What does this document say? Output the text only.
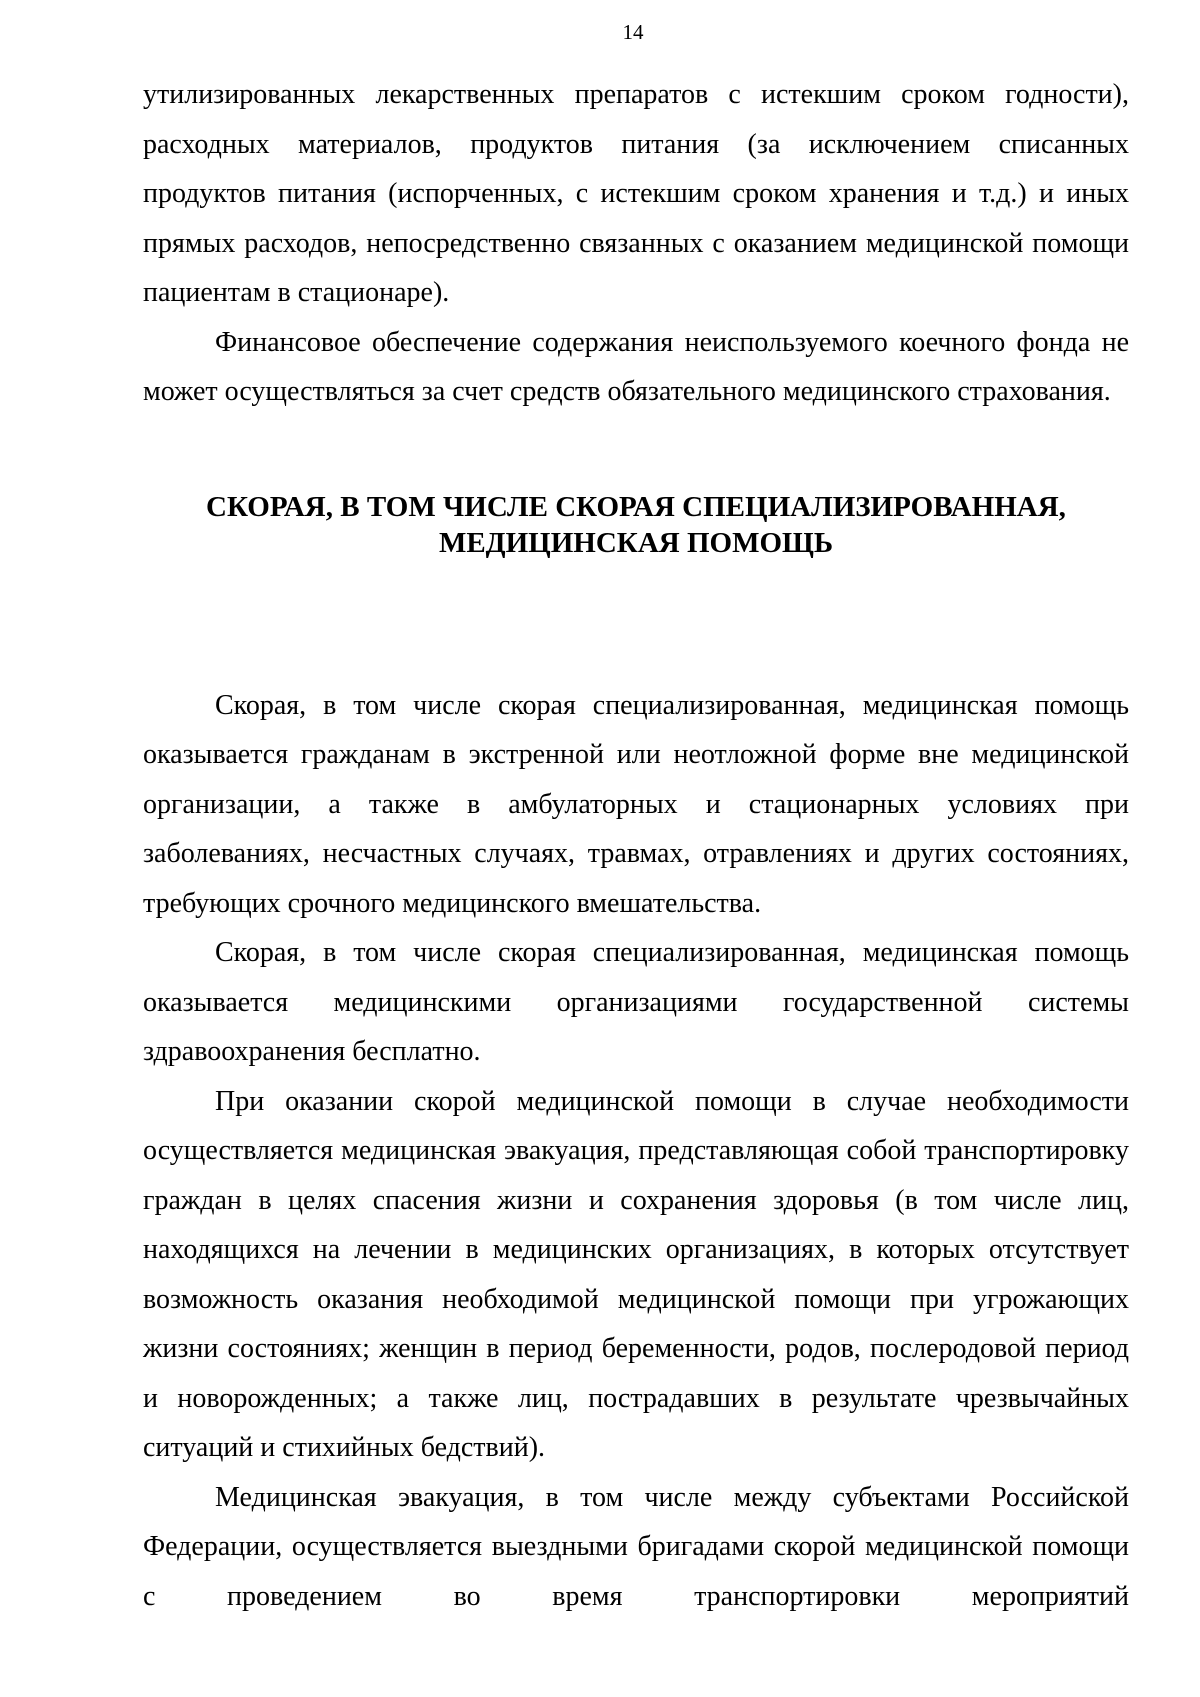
14

утилизированных лекарственных препаратов с истекшим сроком годности), расходных материалов, продуктов питания (за исключением списанных продуктов питания (испорченных, с истекшим сроком хранения и т.д.) и иных прямых расходов, непосредственно связанных с оказанием медицинской помощи пациентам в стационаре).

Финансовое обеспечение содержания неиспользуемого коечного фонда не может осуществляться за счет средств обязательного медицинского страхования.

СКОРАЯ, В ТОМ ЧИСЛЕ СКОРАЯ СПЕЦИАЛИЗИРОВАННАЯ,
МЕДИЦИНСКАЯ ПОМОЩЬ

Скорая, в том числе скорая специализированная, медицинская помощь оказывается гражданам в экстренной или неотложной форме вне медицинской организации, а также в амбулаторных и стационарных условиях при заболеваниях, несчастных случаях, травмах, отравлениях и других состояниях, требующих срочного медицинского вмешательства.

Скорая, в том числе скорая специализированная, медицинская помощь оказывается медицинскими организациями государственной системы здравоохранения бесплатно.

При оказании скорой медицинской помощи в случае необходимости осуществляется медицинская эвакуация, представляющая собой транспортировку граждан в целях спасения жизни и сохранения здоровья (в том числе лиц, находящихся на лечении в медицинских организациях, в которых отсутствует возможность оказания необходимой медицинской помощи при угрожающих жизни состояниях; женщин в период беременности, родов, послеродовой период и новорожденных; а также лиц, пострадавших в результате чрезвычайных ситуаций и стихийных бедствий).

Медицинская эвакуация, в том числе между субъектами Российской Федерации, осуществляется выездными бригадами скорой медицинской помощи с проведением во время транспортировки мероприятий
